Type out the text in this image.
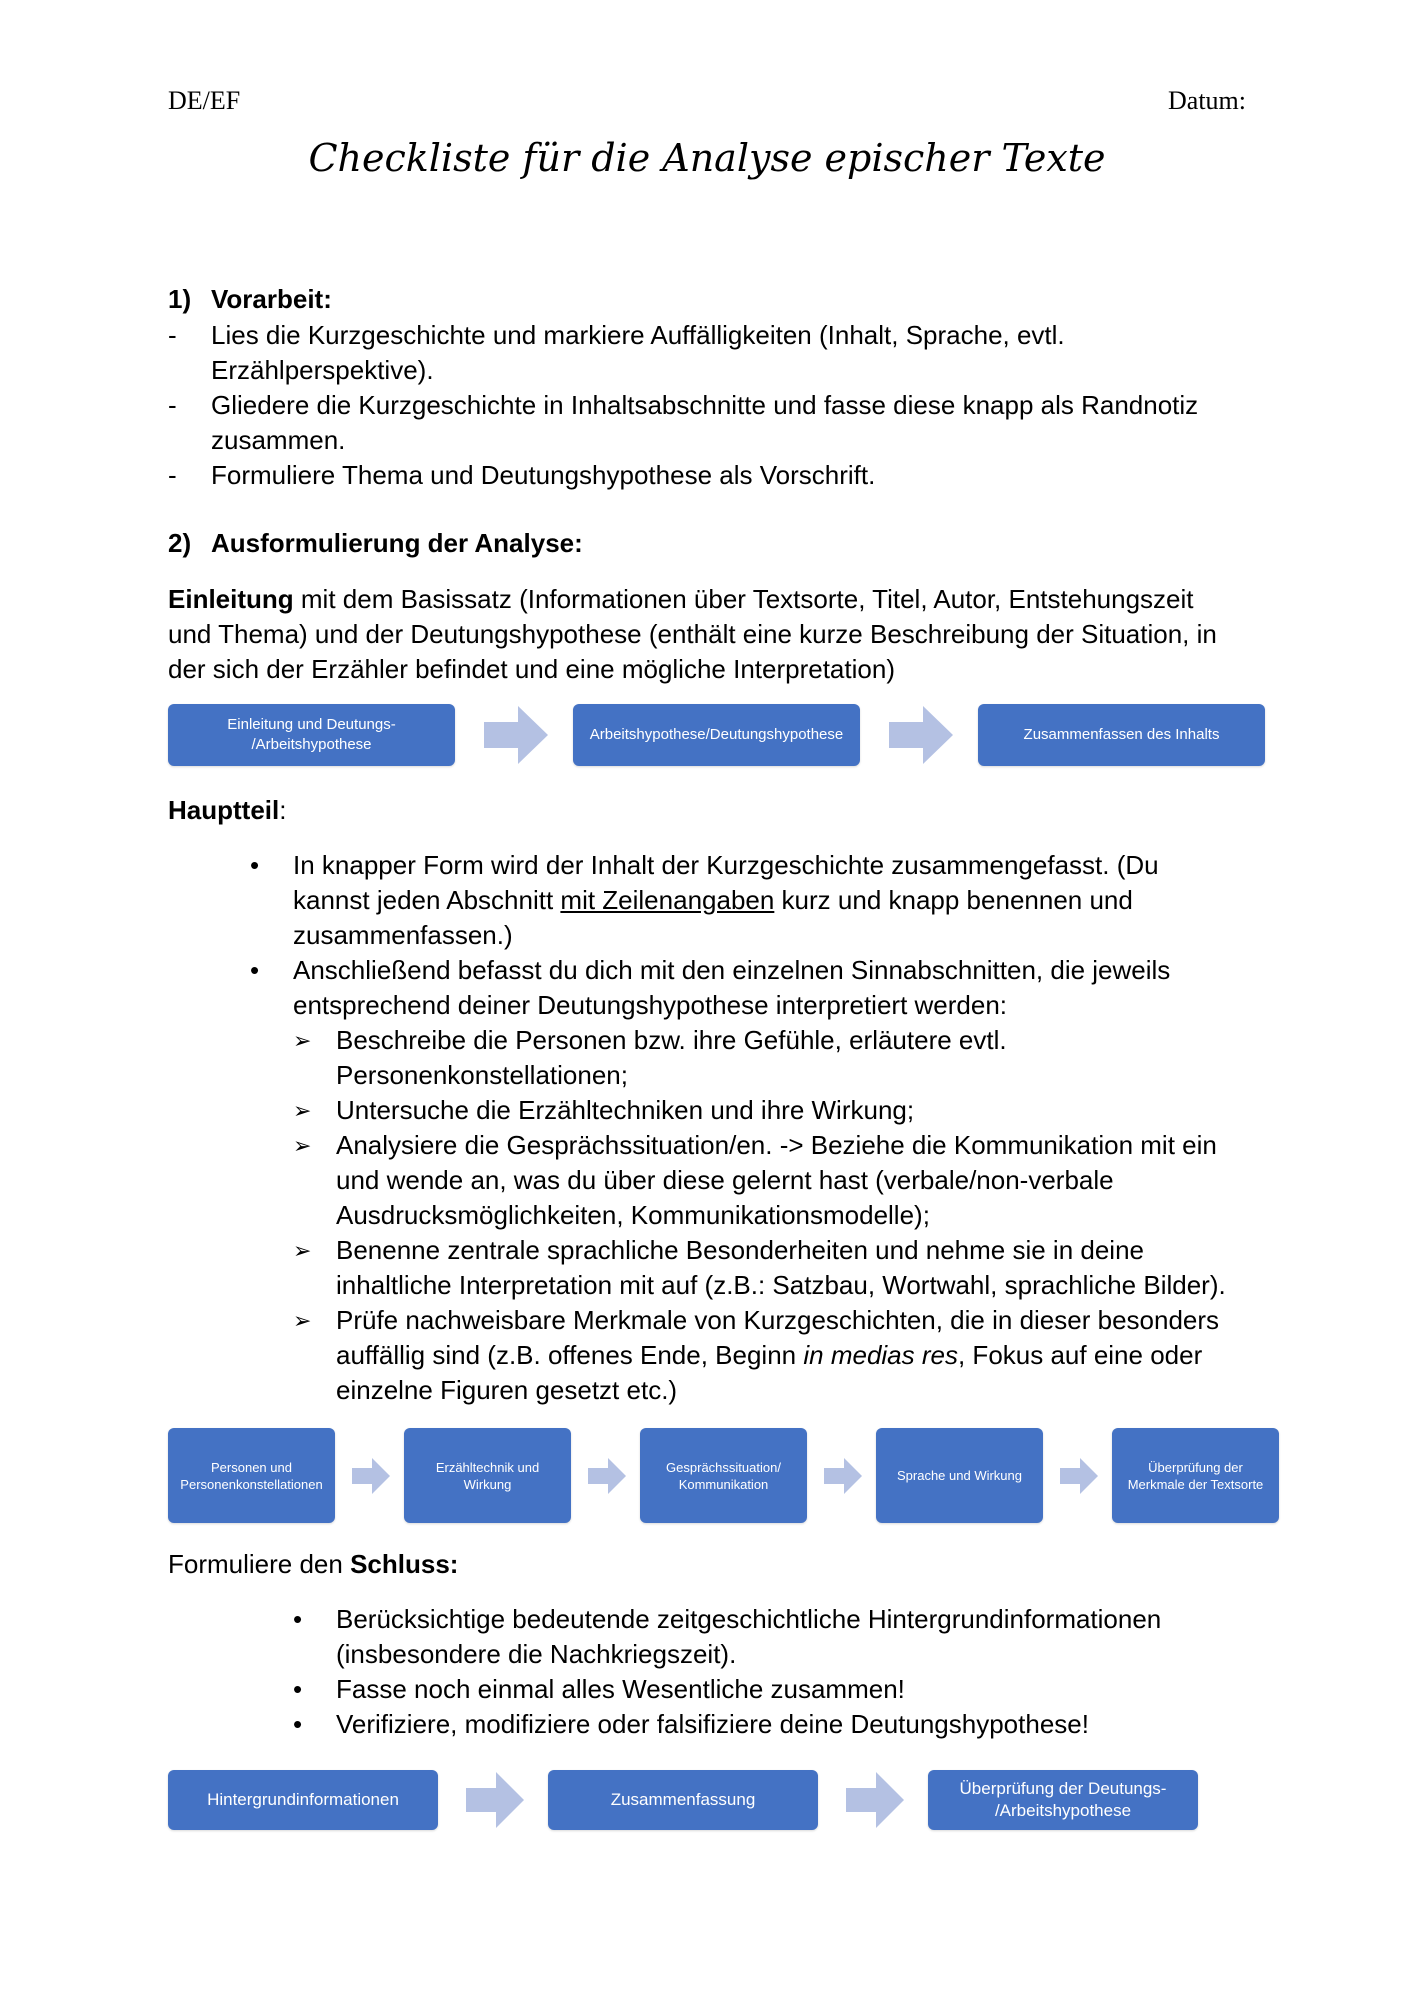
DE/EF	Datum:
Checkliste für die Analyse epischer Texte
1) Vorarbeit:
- Lies die Kurzgeschichte und markiere Auffälligkeiten (Inhalt, Sprache, evtl.
Erzählperspektive).
- Gliedere die Kurzgeschichte in Inhaltsabschnitte und fasse diese knapp als Randnotiz
zusammen.
- Formuliere Thema und Deutungshypothese als Vorschrift.
2) Ausformulierung der Analyse:
Einleitung mit dem Basissatz (Informationen über Textsorte, Titel, Autor, Entstehungszeit
und Thema) und der Deutungshypothese (enthält eine kurze Beschreibung der Situation, in
der sich der Erzähler befindet und eine mögliche Interpretation)
Einleitung und Deutungs-
/Arbeitshypothese
Arbeitshypothese/Deutungshypothese	Zusammenfassen des Inhalts
Hauptteil:
• In knapper Form wird der Inhalt der Kurzgeschichte zusammengefasst. (Du
kannst jeden Abschnitt mit Zeilenangaben kurz und knapp benennen und
zusammenfassen.)
• Anschließend befasst du dich mit den einzelnen Sinnabschnitten, die jeweils
entsprechend deiner Deutungshypothese interpretiert werden:
➢ Beschreibe die Personen bzw. ihre Gefühle, erläutere evtl.
Personenkonstellationen;
➢ Untersuche die Erzähltechniken und ihre Wirkung;
➢ Analysiere die Gesprächssituation/en. -> Beziehe die Kommunikation mit ein
und wende an, was du über diese gelernt hast (verbale/non-verbale
Ausdrucksmöglichkeiten, Kommunikationsmodelle);
➢ Benenne zentrale sprachliche Besonderheiten und nehme sie in deine
inhaltliche Interpretation mit auf (z.B.: Satzbau, Wortwahl, sprachliche Bilder).
➢ Prüfe nachweisbare Merkmale von Kurzgeschichten, die in dieser besonders
auffällig sind (z.B. offenes Ende, Beginn in medias res, Fokus auf eine oder
einzelne Figuren gesetzt etc.)
Personen und
Personenkonstellationen
Erzähltechnik und
Wirkung
Gesprächssituation/
Kommunikation
Sprache und Wirkung
Überprüfung der
Merkmale der Textsorte
Formuliere den Schluss:
• Berücksichtige bedeutende zeitgeschichtliche Hintergrundinformationen
(insbesondere die Nachkriegszeit).
• Fasse noch einmal alles Wesentliche zusammen!
• Verifiziere, modifiziere oder falsifiziere deine Deutungshypothese!
Hintergrundinformationen	Zusammenfassung
Überprüfung der Deutungs-
/Arbeitshypothese
